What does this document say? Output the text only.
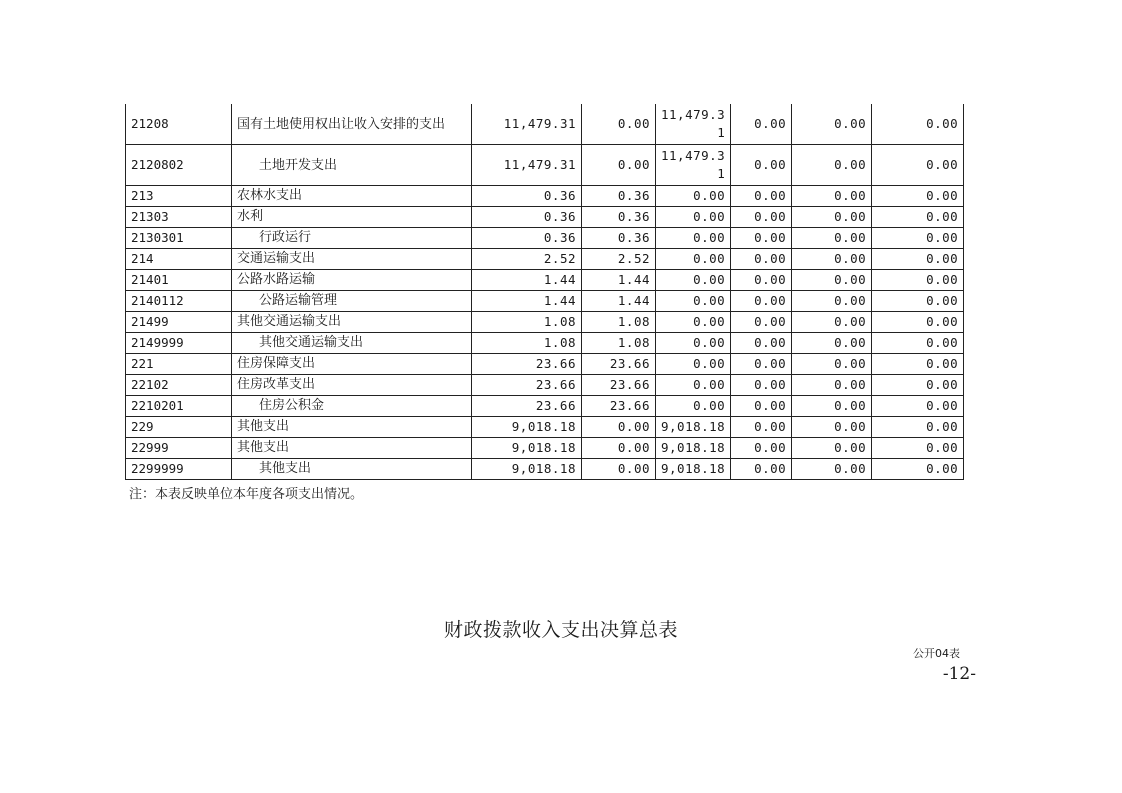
21208	国有土地使用权出让收入安排的支出	11,479.31	0.00	11,479.31	0.00	0.00	0.00
2120802	土地开发支出	11,479.31	0.00	11,479.31	0.00	0.00	0.00
213	农林水支出	0.36	0.36	0.00	0.00	0.00	0.00
21303	水利	0.36	0.36	0.00	0.00	0.00	0.00
2130301	行政运行	0.36	0.36	0.00	0.00	0.00	0.00
214	交通运输支出	2.52	2.52	0.00	0.00	0.00	0.00
21401	公路水路运输	1.44	1.44	0.00	0.00	0.00	0.00
2140112	公路运输管理	1.44	1.44	0.00	0.00	0.00	0.00
21499	其他交通运输支出	1.08	1.08	0.00	0.00	0.00	0.00
2149999	其他交通运输支出	1.08	1.08	0.00	0.00	0.00	0.00
221	住房保障支出	23.66	23.66	0.00	0.00	0.00	0.00
22102	住房改革支出	23.66	23.66	0.00	0.00	0.00	0.00
2210201	住房公积金	23.66	23.66	0.00	0.00	0.00	0.00
229	其他支出	9,018.18	0.00	9,018.18	0.00	0.00	0.00
22999	其他支出	9,018.18	0.00	9,018.18	0.00	0.00	0.00
2299999	其他支出	9,018.18	0.00	9,018.18	0.00	0.00	0.00
注：本表反映单位本年度各项支出情况。
财政拨款收入支出决算总表
公开04表
-12-
